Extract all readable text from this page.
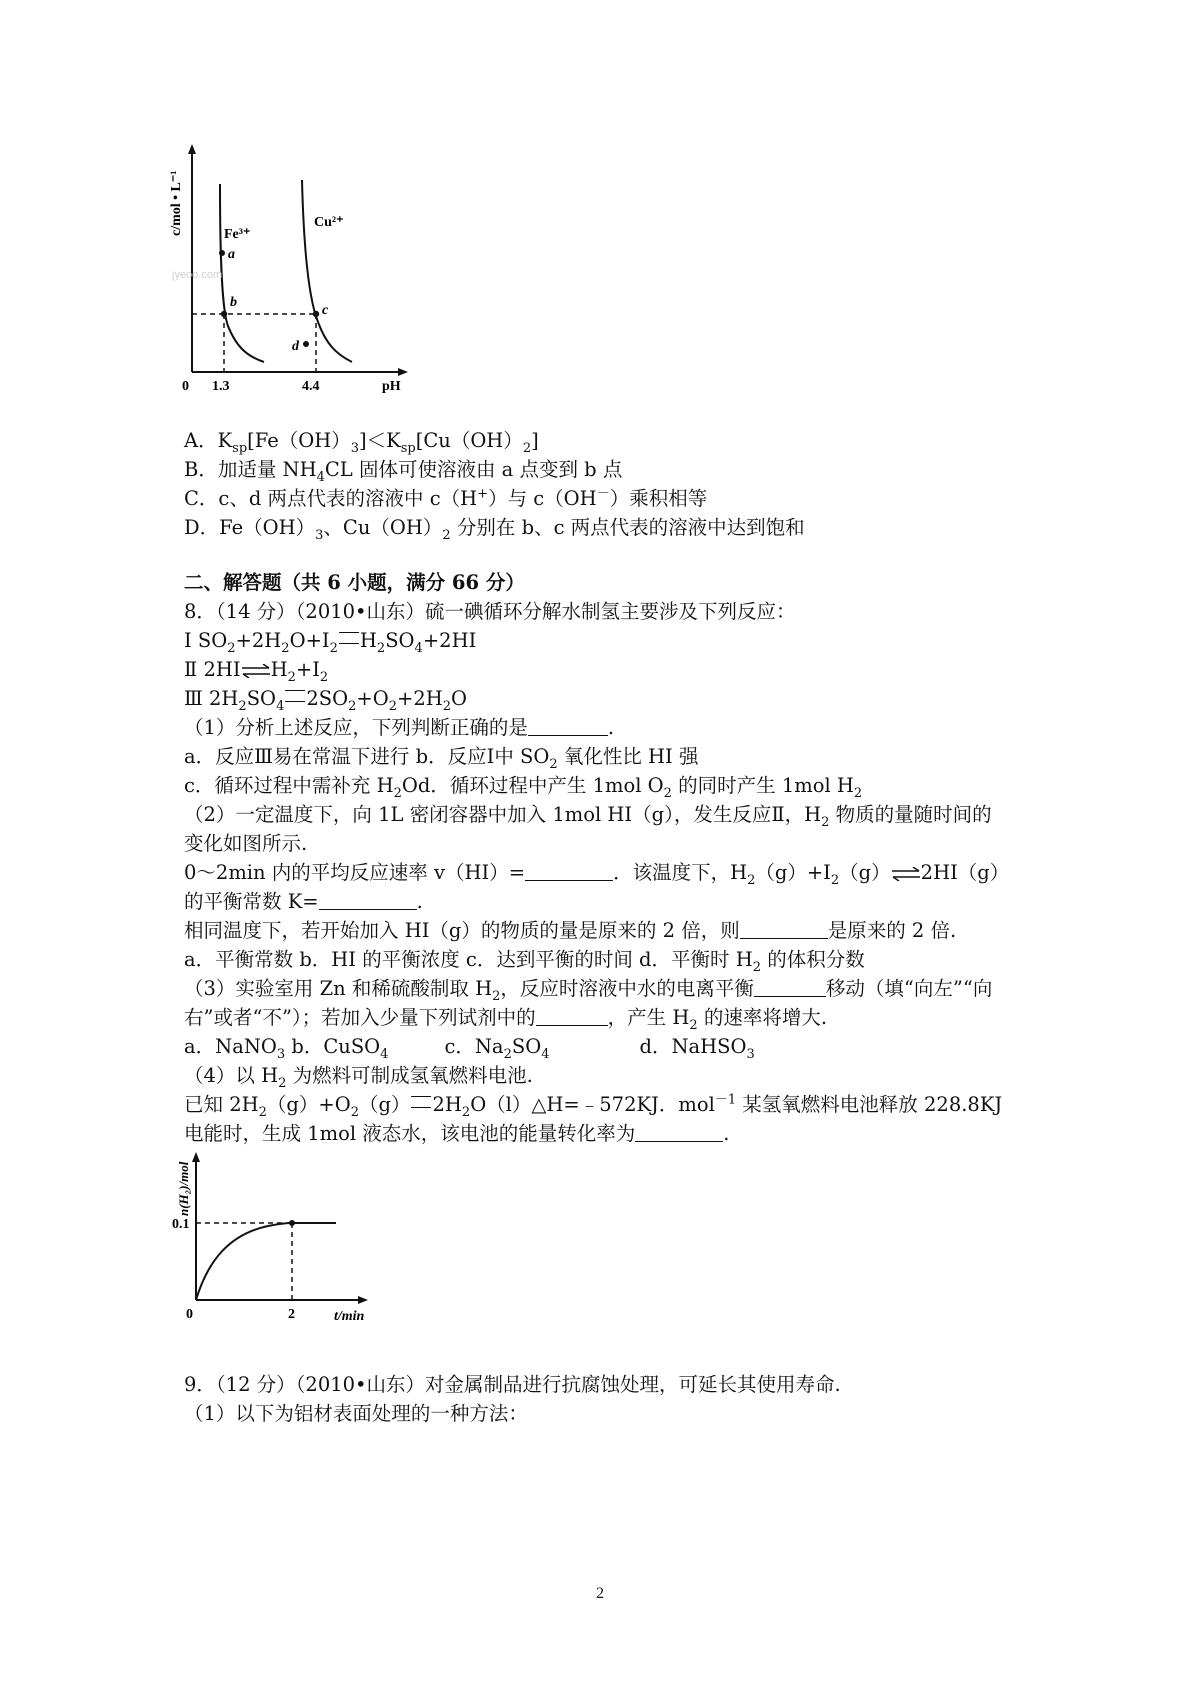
c/mol • L⁻¹
0 1.3	4.4	pH
Fe³⁺
Cu²⁺
a
b
c
d
jyeoo.com
A．$K_{sp}[Fe(OH)_3]<K_{sp}[Cu(OH)_2]$
B．加适量 $NH_4CL$ 固体可使溶液由 a 点变到 b 点
C．c、d 两点代表的溶液中 c（H+）与 c（OH－）乘积相等
D．$Fe(OH)_3$、$Cu(OH)_2$ 分别在 b、c 两点代表的溶液中达到饱和
二、解答题（共 6 小题，满分 66 分）
8．（14 分）（2010•山东）硫一碘循环分解水制氢主要涉及下列反应：
Ⅰ $SO_2+2H_2O+I_2$ $H_2SO_4+2HI$
Ⅱ $2HI\rightleftharpoons H_2+I_2$
Ⅲ $2H_2SO_4$ $2SO_2+O_2+2H_2O$
（1）分析上述反应，下列判断正确的是	.
a．反应Ⅲ易在常温下进行 b．反应Ⅰ中 $SO_2$ 氧化性比 HI 强
c．循环过程中需补充 $H_2Od$．循环过程中产生 1mol $O_2$ 的同时产生 1mol $H_2$
（2）一定温度下，向 1L 密闭容器中加入 1mol HI（g），发生反应Ⅱ，$H_2$ 物质的量随时间的
变化如图所示.
0～2min 内的平均反应速率 v（HI）=	．该温度下，$H_2(g)+I_2(g)\rightleftharpoons 2HI(g)$
的平衡常数 K=	.
相同温度下，若开始加入 HI（g）的物质的量是原来的 2 倍，则	是原来的 2 倍.
a．平衡常数 b．HI 的平衡浓度 c．达到平衡的时间 d．平衡时 $H_2$ 的体积分数
（3）实验室用 Zn 和稀硫酸制取 $H_2$，反应时溶液中水的电离平衡	移动（填“向左”“向
右”或者“不”）；若加入少量下列试剂中的	，产生 $H_2$ 的速率将增大.
a．NaNO$_3$ b．CuSO$_4$	c．$Na_2SO_4$	d．NaHSO$_3$
（4）以 $H_2$ 为燃料可制成氢氧燃料电池.
已知 $2H_2(g)+O_2(g)$ $2H_2O(l)\triangle H=﹣572KJ$．mol$^{-1}$ 某氢氧燃料电池释放 228.8KJ
电能时，生成 1mol 液态水，该电池的能量转化率为	.
n(H₂)/mol
0.1
0	2	t/min
9．（12 分）（2010•山东）对金属制品进行抗腐蚀处理，可延长其使用寿命.
（1）以下为铝材表面处理的一种方法：
2
